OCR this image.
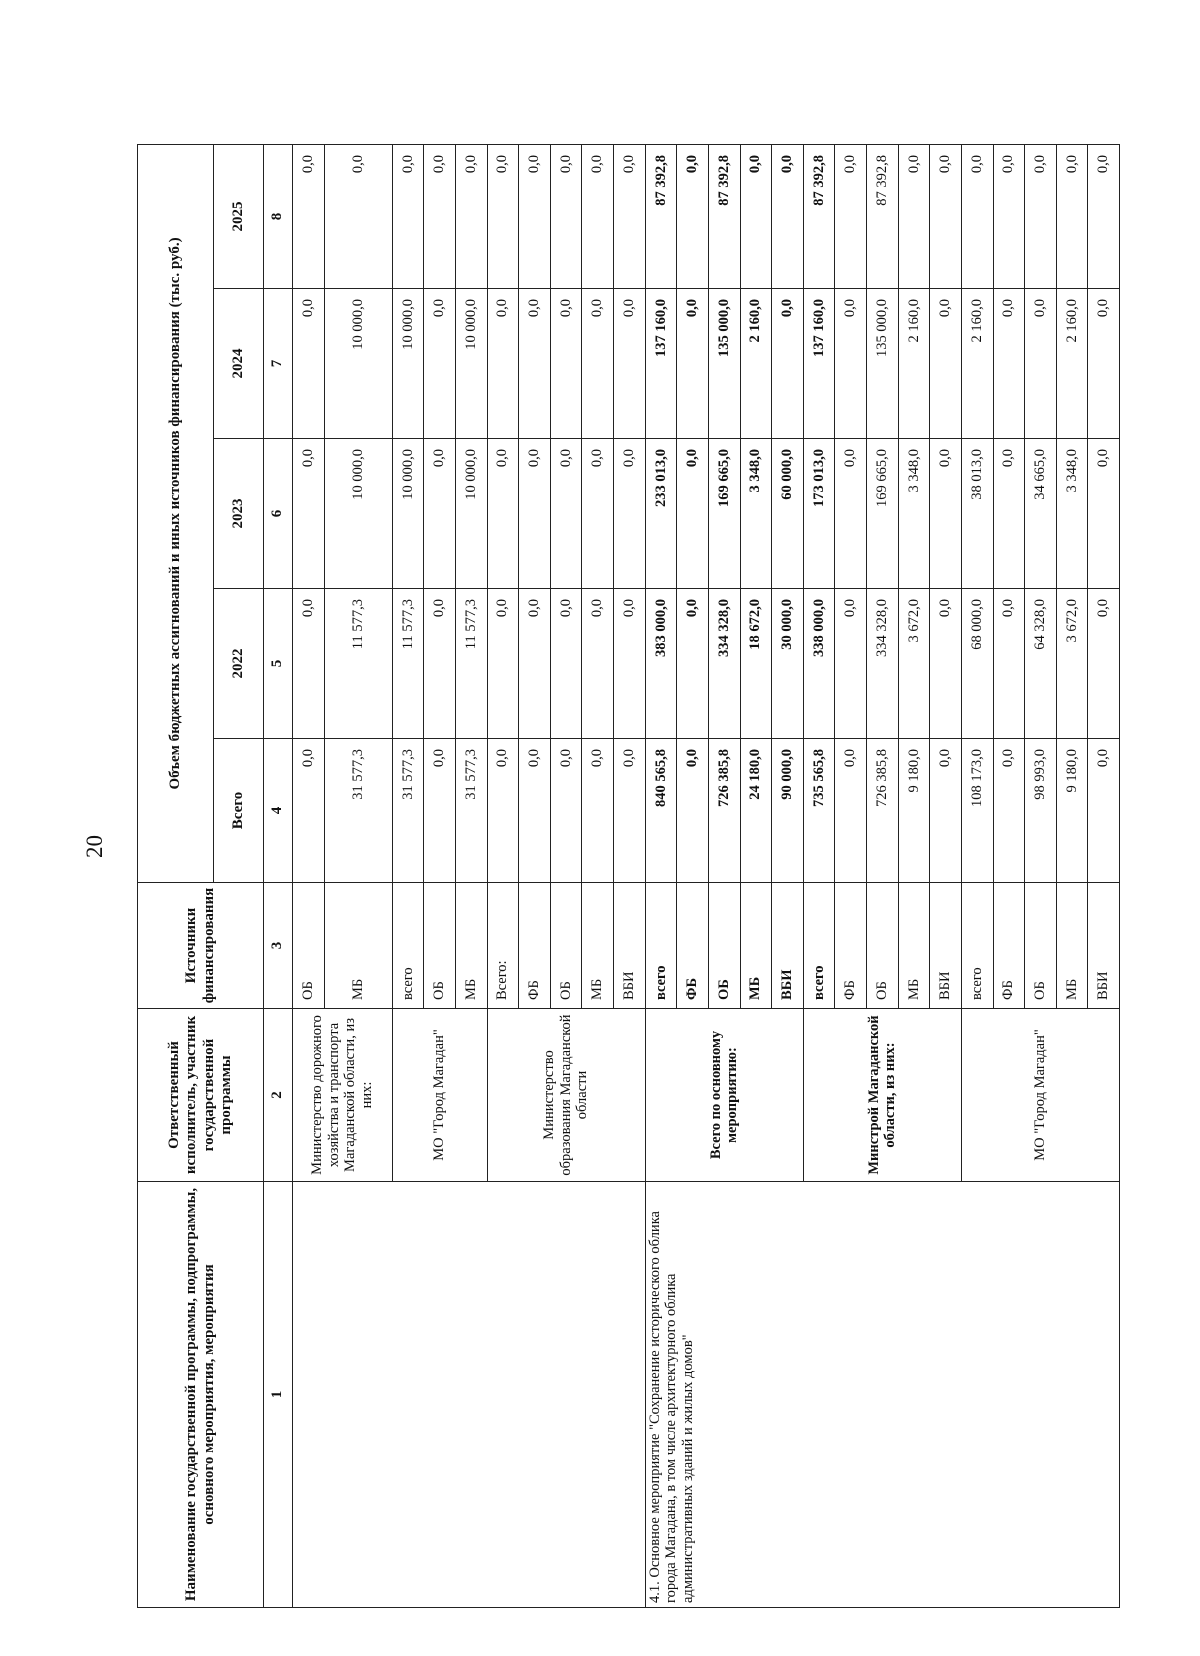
20
Наименование государственной программы, подпрограммы, основного мероприятия, мероприятия	Ответственный исполнитель, участник государственной программы	Источники финансирования	Объем бюджетных ассигнований и иных источников финансирования (тыс. руб.)				
			Всего	2022	2023	2024	2025
1	2	3	4	5	6	7	8
	Министерство дорожного хозяйства и транспорта Магаданской области, из них:	ОБ	0,0	0,0	0,0	0,0	0,0
		МБ	31 577,3	11 577,3	10 000,0	10 000,0	0,0
	МО "Город Магадан"	всего	31 577,3	11 577,3	10 000,0	10 000,0	0,0
		ОБ	0,0	0,0	0,0	0,0	0,0
		МБ	31 577,3	11 577,3	10 000,0	10 000,0	0,0
	Министерство образования Магаданской области	Всего:	0,0	0,0	0,0	0,0	0,0
		ФБ	0,0	0,0	0,0	0,0	0,0
		ОБ	0,0	0,0	0,0	0,0	0,0
		МБ	0,0	0,0	0,0	0,0	0,0
		ВБИ	0,0	0,0	0,0	0,0	0,0
4.1. Основное мероприятие "Сохранение исторического облика города Магадана, в том числе архитектурного облика административных зданий и жилых домов"	Всего по основному мероприятию:	всего	840 565,8	383 000,0	233 013,0	137 160,0	87 392,8
		ФБ	0,0	0,0	0,0	0,0	0,0
		ОБ	726 385,8	334 328,0	169 665,0	135 000,0	87 392,8
		МБ	24 180,0	18 672,0	3 348,0	2 160,0	0,0
		ВБИ	90 000,0	30 000,0	60 000,0	0,0	0,0
	Минстрой Магаданской области, из них:	всего	735 565,8	338 000,0	173 013,0	137 160,0	87 392,8
		ФБ	0,0	0,0	0,0	0,0	0,0
		ОБ	726 385,8	334 328,0	169 665,0	135 000,0	87 392,8
		МБ	9 180,0	3 672,0	3 348,0	2 160,0	0,0
		ВБИ	0,0	0,0	0,0	0,0	0,0
	МО "Город Магадан"	всего	108 173,0	68 000,0	38 013,0	2 160,0	0,0
		ФБ	0,0	0,0	0,0	0,0	0,0
		ОБ	98 993,0	64 328,0	34 665,0	0,0	0,0
		МБ	9 180,0	3 672,0	3 348,0	2 160,0	0,0
		ВБИ	0,0	0,0	0,0	0,0	0,0
